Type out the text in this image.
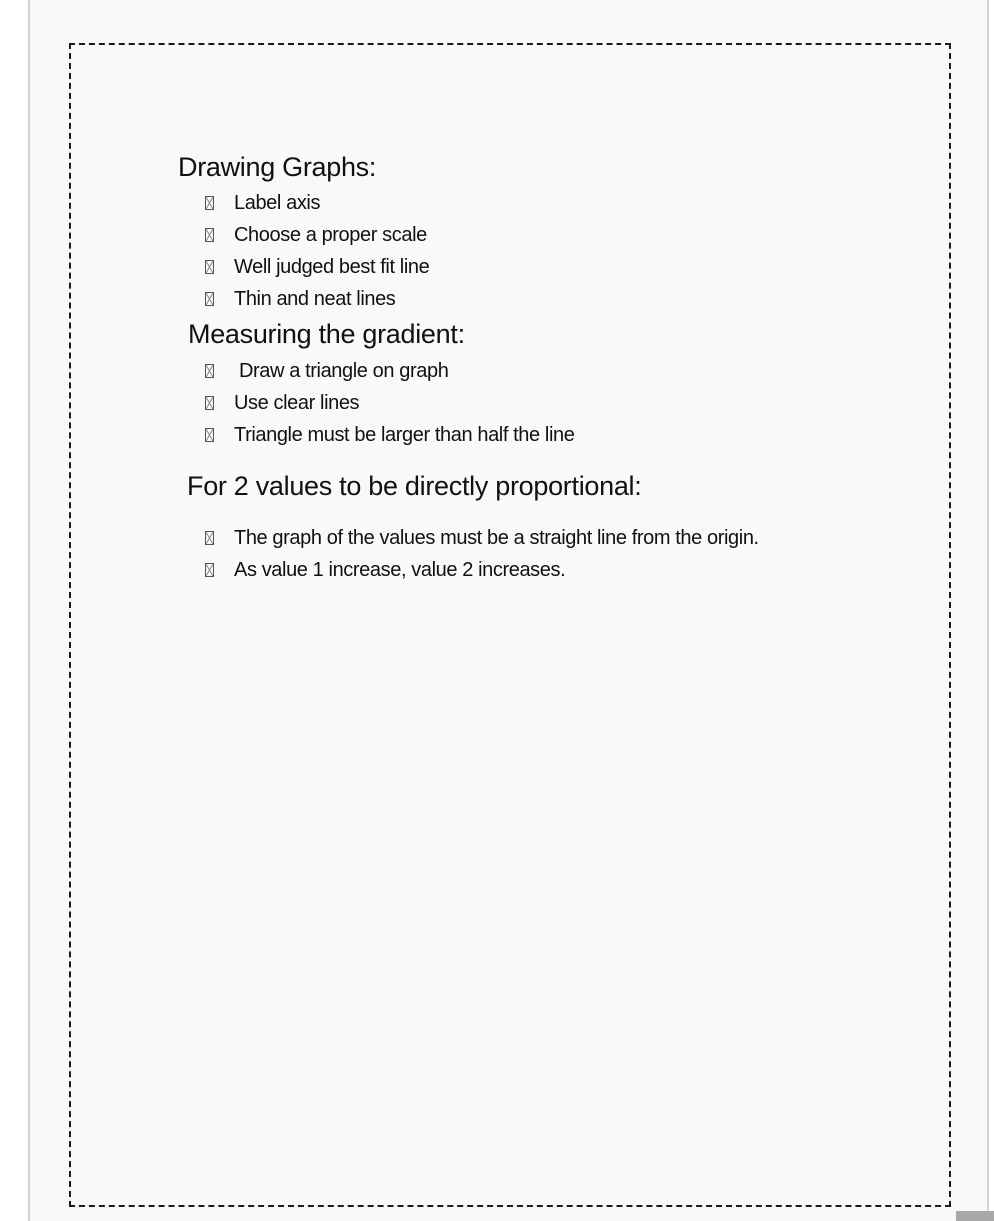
Drawing Graphs:
Label axis
Choose a proper scale
Well judged best fit line
Thin and neat lines
Measuring the gradient:
Draw a triangle on graph
Use clear lines
Triangle must be larger than half the line
For 2 values to be directly proportional:
The graph of the values must be a straight line from the origin.
As value 1 increase, value 2 increases.
